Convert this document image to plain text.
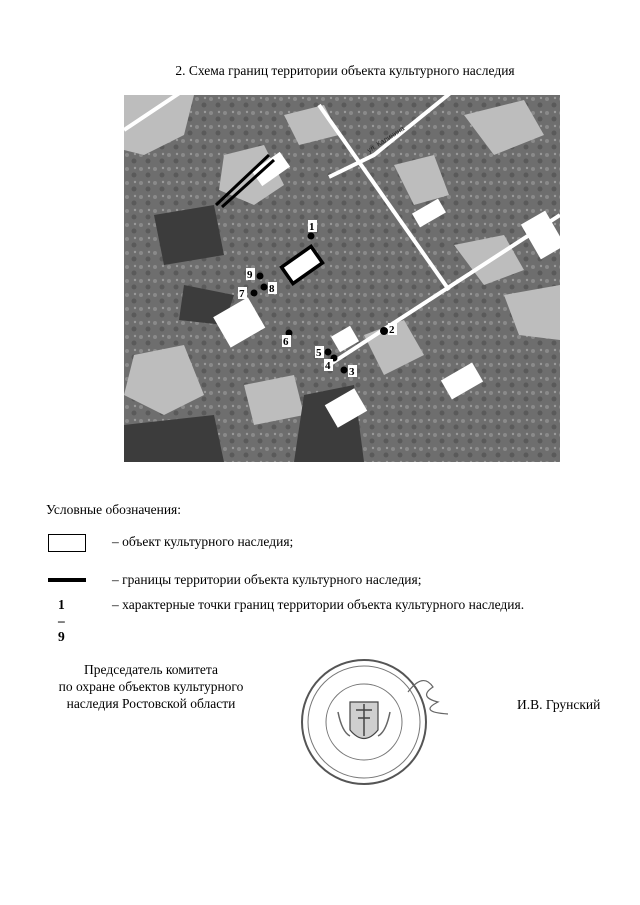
2. Схема границ территории объекта культурного наследия
ул. Калинина
1
2
3
4
5
6
7 8
9
Условные обозначения:
– объект культурного наследия;
– границы территории объекта культурного наследия;
1 – 9
– характерные точки границ территории объекта культурного наследия.
Председатель комитета
по охране объектов культурного
наследия Ростовской области	И.В. Грунский
